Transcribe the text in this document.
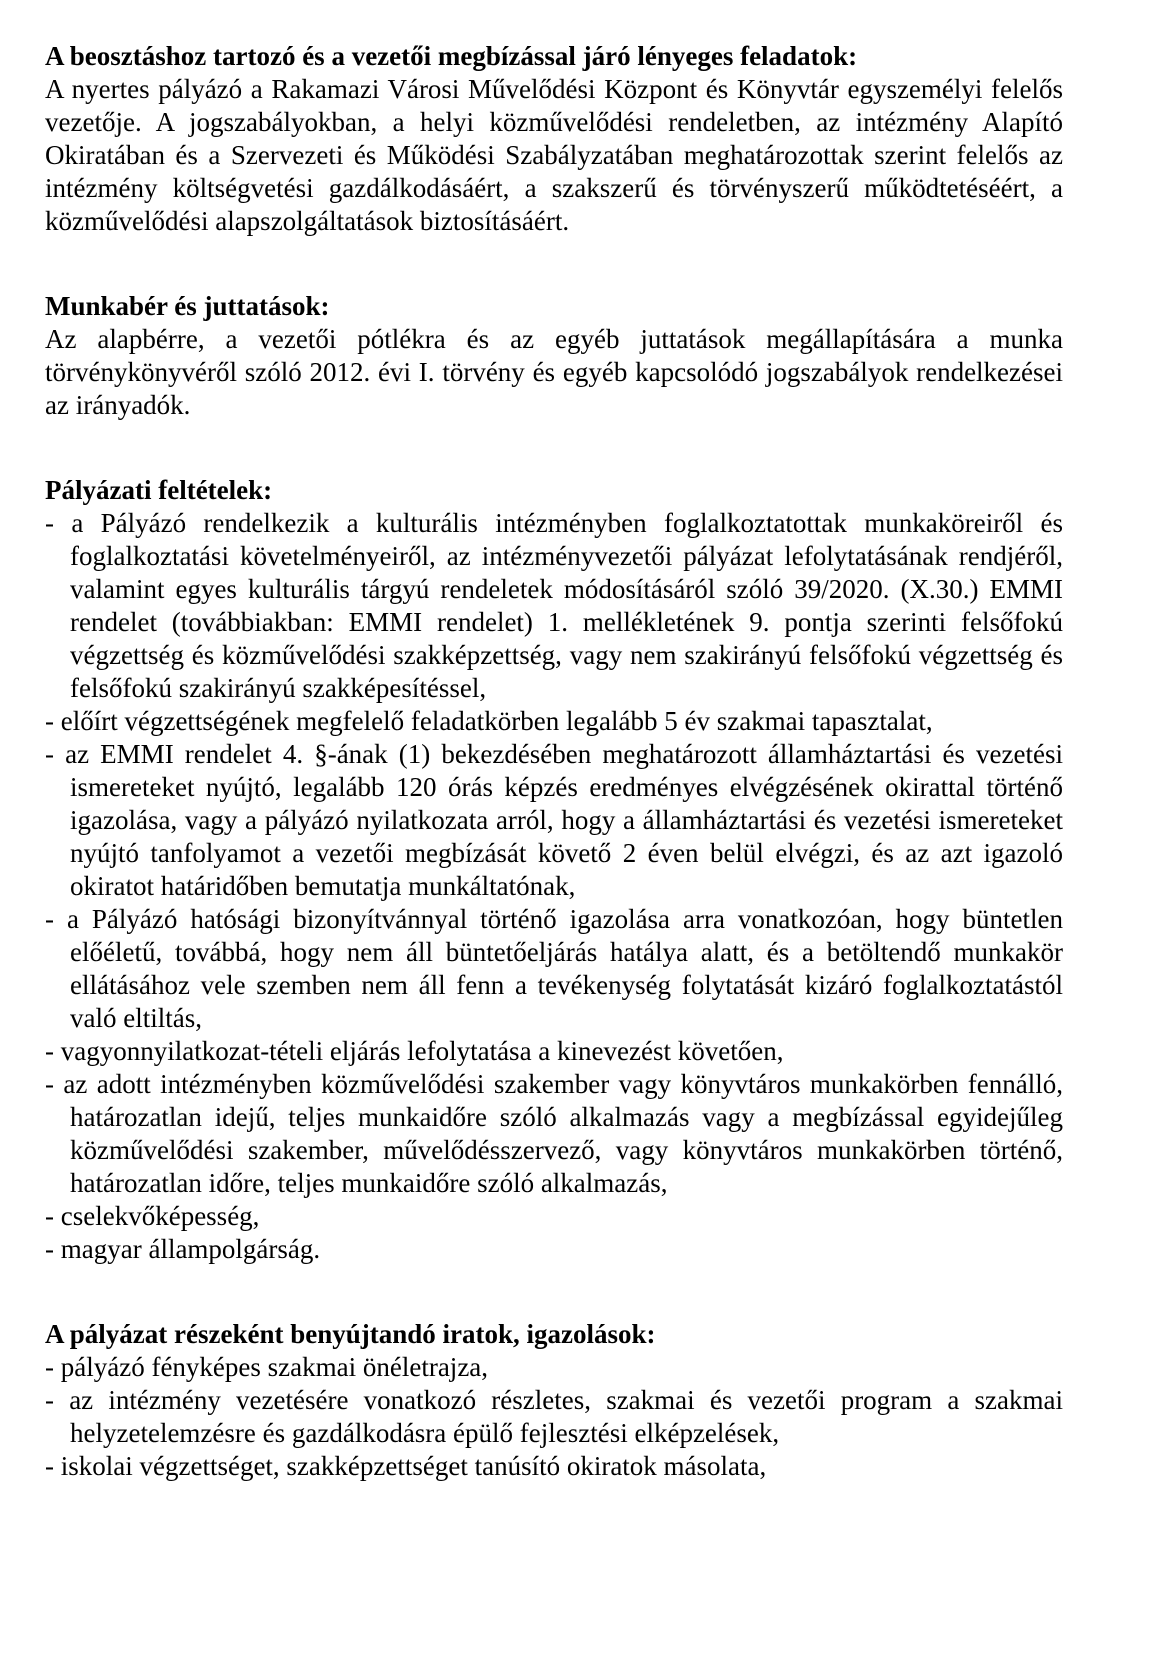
A beosztáshoz tartozó és a vezetői megbízással járó lényeges feladatok:

A nyertes pályázó a Rakamazi Városi Művelődési Központ és Könyvtár egyszemélyi felelős vezetője. A jogszabályokban, a helyi közművelődési rendeletben, az intézmény Alapító Okiratában és a Szervezeti és Működési Szabályzatában meghatározottak szerint felelős az intézmény költségvetési gazdálkodásáért, a szakszerű és törvényszerű működtetéséért, a közművelődési alapszolgáltatások biztosításáért.

Munkabér és juttatások:

Az alapbérre, a vezetői pótlékra és az egyéb juttatások megállapítására a munka törvénykönyvéről szóló 2012. évi I. törvény és egyéb kapcsolódó jogszabályok rendelkezései az irányadók.

Pályázati feltételek:
- a Pályázó rendelkezik a kulturális intézményben foglalkoztatottak munkaköreiről és foglalkoztatási követelményeiről, az intézményvezetői pályázat lefolytatásának rendjéről, valamint egyes kulturális tárgyú rendeletek módosításáról szóló 39/2020. (X.30.) EMMI rendelet (továbbiakban: EMMI rendelet) 1. mellékletének 9. pontja szerinti felsőfokú végzettség és közművelődési szakképzettség, vagy nem szakirányú felsőfokú végzettség és felsőfokú szakirányú szakképesítéssel,
- előírt végzettségének megfelelő feladatkörben legalább 5 év szakmai tapasztalat,
- az EMMI rendelet 4. §-ának (1) bekezdésében meghatározott államháztartási és vezetési ismereteket nyújtó, legalább 120 órás képzés eredményes elvégzésének okirattal történő igazolása, vagy a pályázó nyilatkozata arról, hogy a államháztartási és vezetési ismereteket nyújtó tanfolyamot a vezetői megbízását követő 2 éven belül elvégzi, és az azt igazoló okiratot határidőben bemutatja munkáltatónak,
- a Pályázó hatósági bizonyítvánnyal történő igazolása arra vonatkozóan, hogy büntetlen előéletű, továbbá, hogy nem áll büntetőeljárás hatálya alatt, és a betöltendő munkakör ellátásához vele szemben nem áll fenn a tevékenység folytatását kizáró foglalkoztatástól való eltiltás,
- vagyonnyilatkozat-tételi eljárás lefolytatása a kinevezést követően,
- az adott intézményben közművelődési szakember vagy könyvtáros munkakörben fennálló, határozatlan idejű, teljes munkaidőre szóló alkalmazás vagy a megbízással egyidejűleg közművelődési szakember, művelődésszervező, vagy könyvtáros munkakörben történő, határozatlan időre, teljes munkaidőre szóló alkalmazás,
- cselekvőképesség,
- magyar állampolgárság.
A pályázat részeként benyújtandó iratok, igazolások:
- pályázó fényképes szakmai önéletrajza,
- az intézmény vezetésére vonatkozó részletes, szakmai és vezetői program a szakmai helyzetelemzésre és gazdálkodásra épülő fejlesztési elképzelések,
- iskolai végzettséget, szakképzettséget tanúsító okiratok másolata,
